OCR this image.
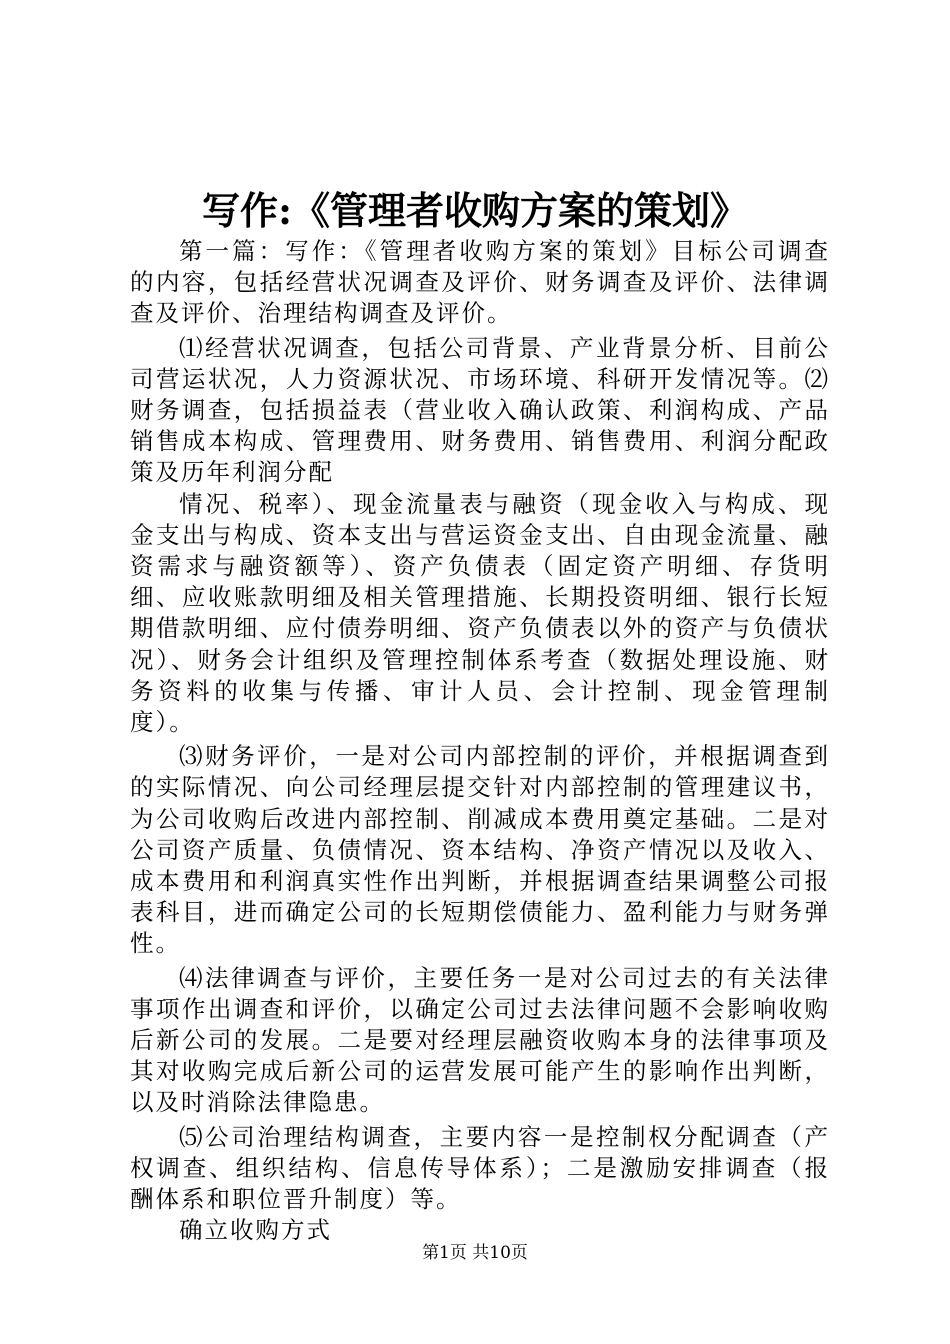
写作:《管理者收购方案的策划》

第一篇：写作：《管理者收购方案的策划》目标公司调查的内容，包括经营状况调查及评价、财务调查及评价、法律调查及评价、治理结构调查及评价。

⑴经营状况调查，包括公司背景、产业背景分析、目前公司营运状况，人力资源状况、市场环境、科研开发情况等。⑵财务调查，包括损益表（营业收入确认政策、利润构成、产品销售成本构成、管理费用、财务费用、销售费用、利润分配政策及历年利润分配

情况、税率）、现金流量表与融资（现金收入与构成、现金支出与构成、资本支出与营运资金支出、自由现金流量、融资需求与融资额等）、资产负债表（固定资产明细、存货明细、应收账款明细及相关管理措施、长期投资明细、银行长短期借款明细、应付债券明细、资产负债表以外的资产与负债状况）、财务会计组织及管理控制体系考查（数据处理设施、财务资料的收集与传播、审计人员、会计控制、现金管理制度）。

⑶财务评价，一是对公司内部控制的评价，并根据调查到的实际情况、向公司经理层提交针对内部控制的管理建议书，为公司收购后改进内部控制、削减成本费用奠定基础。二是对公司资产质量、负债情况、资本结构、净资产情况以及收入、成本费用和利润真实性作出判断，并根据调查结果调整公司报表科目，进而确定公司的长短期偿债能力、盈利能力与财务弹性。

⑷法律调查与评价，主要任务一是对公司过去的有关法律事项作出调查和评价，以确定公司过去法律问题不会影响收购后新公司的发展。二是要对经理层融资收购本身的法律事项及其对收购完成后新公司的运营发展可能产生的影响作出判断，以及时消除法律隐患。

⑸公司治理结构调查，主要内容一是控制权分配调查（产权调查、组织结构、信息传导体系）；二是激励安排调查（报酬体系和职位晋升制度）等。

确立收购方式

第1页 共10页
